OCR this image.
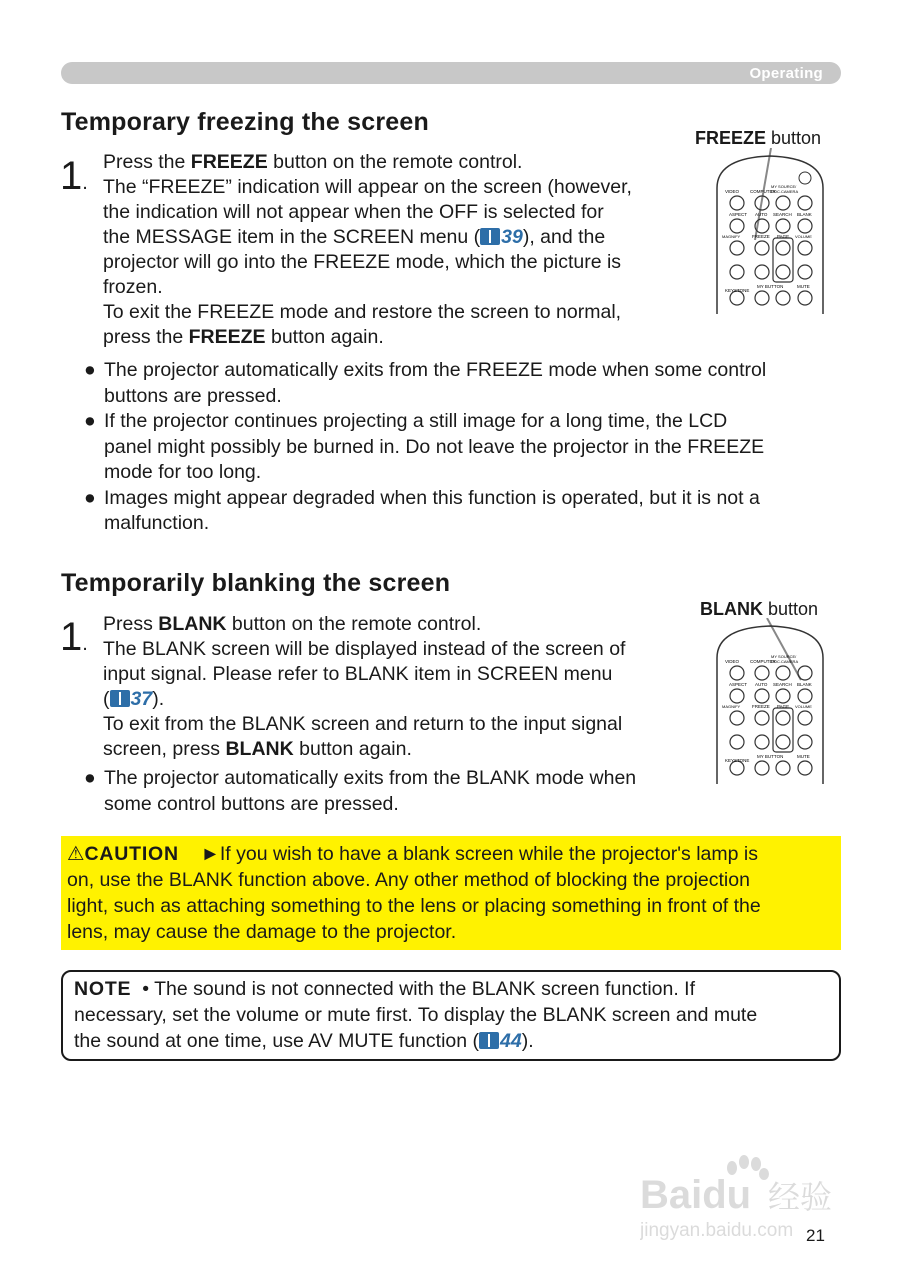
Operating
Temporary freezing the screen
1.

Press the FREEZE button on the remote control.

The “FREEZE” indication will appear on the screen (however,

the indication will not appear when the OFF is selected for

the MESSAGE item in the SCREEN menu ( 39), and the

projector will go into the FREEZE mode, which the picture is

frozen.

To exit the FREEZE mode and restore the screen to normal,

press the FREEZE button again.

FREEZE button
VIDEO COMPUTER
MY SOURCE/
DOC.CAMERA
ASPECT AUTO SEARCH BLANK
MAGNIFY	FREEZE PAGE VOLUME
KEYSTONE
MY BUTTON	MUTE
● The projector automatically exits from the FREEZE mode when some control
buttons are pressed.
● If the projector continues projecting a still image for a long time, the LCD
panel might possibly be burned in. Do not leave the projector in the FREEZE
mode for too long.
● Images might appear degraded when this function is operated, but it is not a
malfunction.
Temporarily blanking the screen
1.

Press BLANK button on the remote control.

The BLANK screen will be displayed instead of the screen of

input signal. Please refer to BLANK item in SCREEN menu

( 37).

To exit from the BLANK screen and return to the input signal

screen, press BLANK button again.

BLANK button
VIDEO COMPUTER
MY SOURCE/
DOC.CAMERA
ASPECT AUTO SEARCH BLANK
MAGNIFY	FREEZE PAGE VOLUME
KEYSTONE
MY BUTTON	MUTE
● The projector automatically exits from the BLANK mode when
some control buttons are pressed.
⚠CAUTION ►If you wish to have a blank screen while the projector's lamp is
on, use the BLANK function above. Any other method of blocking the projection
light, such as attaching something to the lens or placing something in front of the
lens, may cause the damage to the projector.
NOTE • The sound is not connected with the BLANK screen function. If
necessary, set the volume or mute first. To display the BLANK screen and mute
the sound at one time, use AV MUTE function ( 44).
Baidu 经验
jingyan.baidu.com 21
